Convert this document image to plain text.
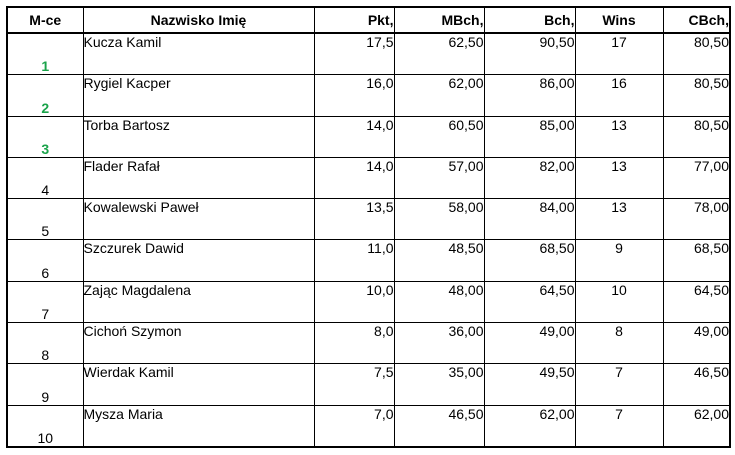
M-ce	Nazwisko Imię	Pkt,	MBch,	Bch,	Wins	CBch,
1	Kucza Kamil	17,5	62,50	90,50	17	80,50
2	Rygiel Kacper	16,0	62,00	86,00	16	80,50
3	Torba Bartosz	14,0	60,50	85,00	13	80,50
4	Flader Rafał	14,0	57,00	82,00	13	77,00
5	Kowalewski Paweł	13,5	58,00	84,00	13	78,00
6	Szczurek Dawid	11,0	48,50	68,50	9	68,50
7	Zając Magdalena	10,0	48,00	64,50	10	64,50
8	Cichoń Szymon	8,0	36,00	49,00	8	49,00
9	Wierdak Kamil	7,5	35,00	49,50	7	46,50
10	Mysza Maria	7,0	46,50	62,00	7	62,00
